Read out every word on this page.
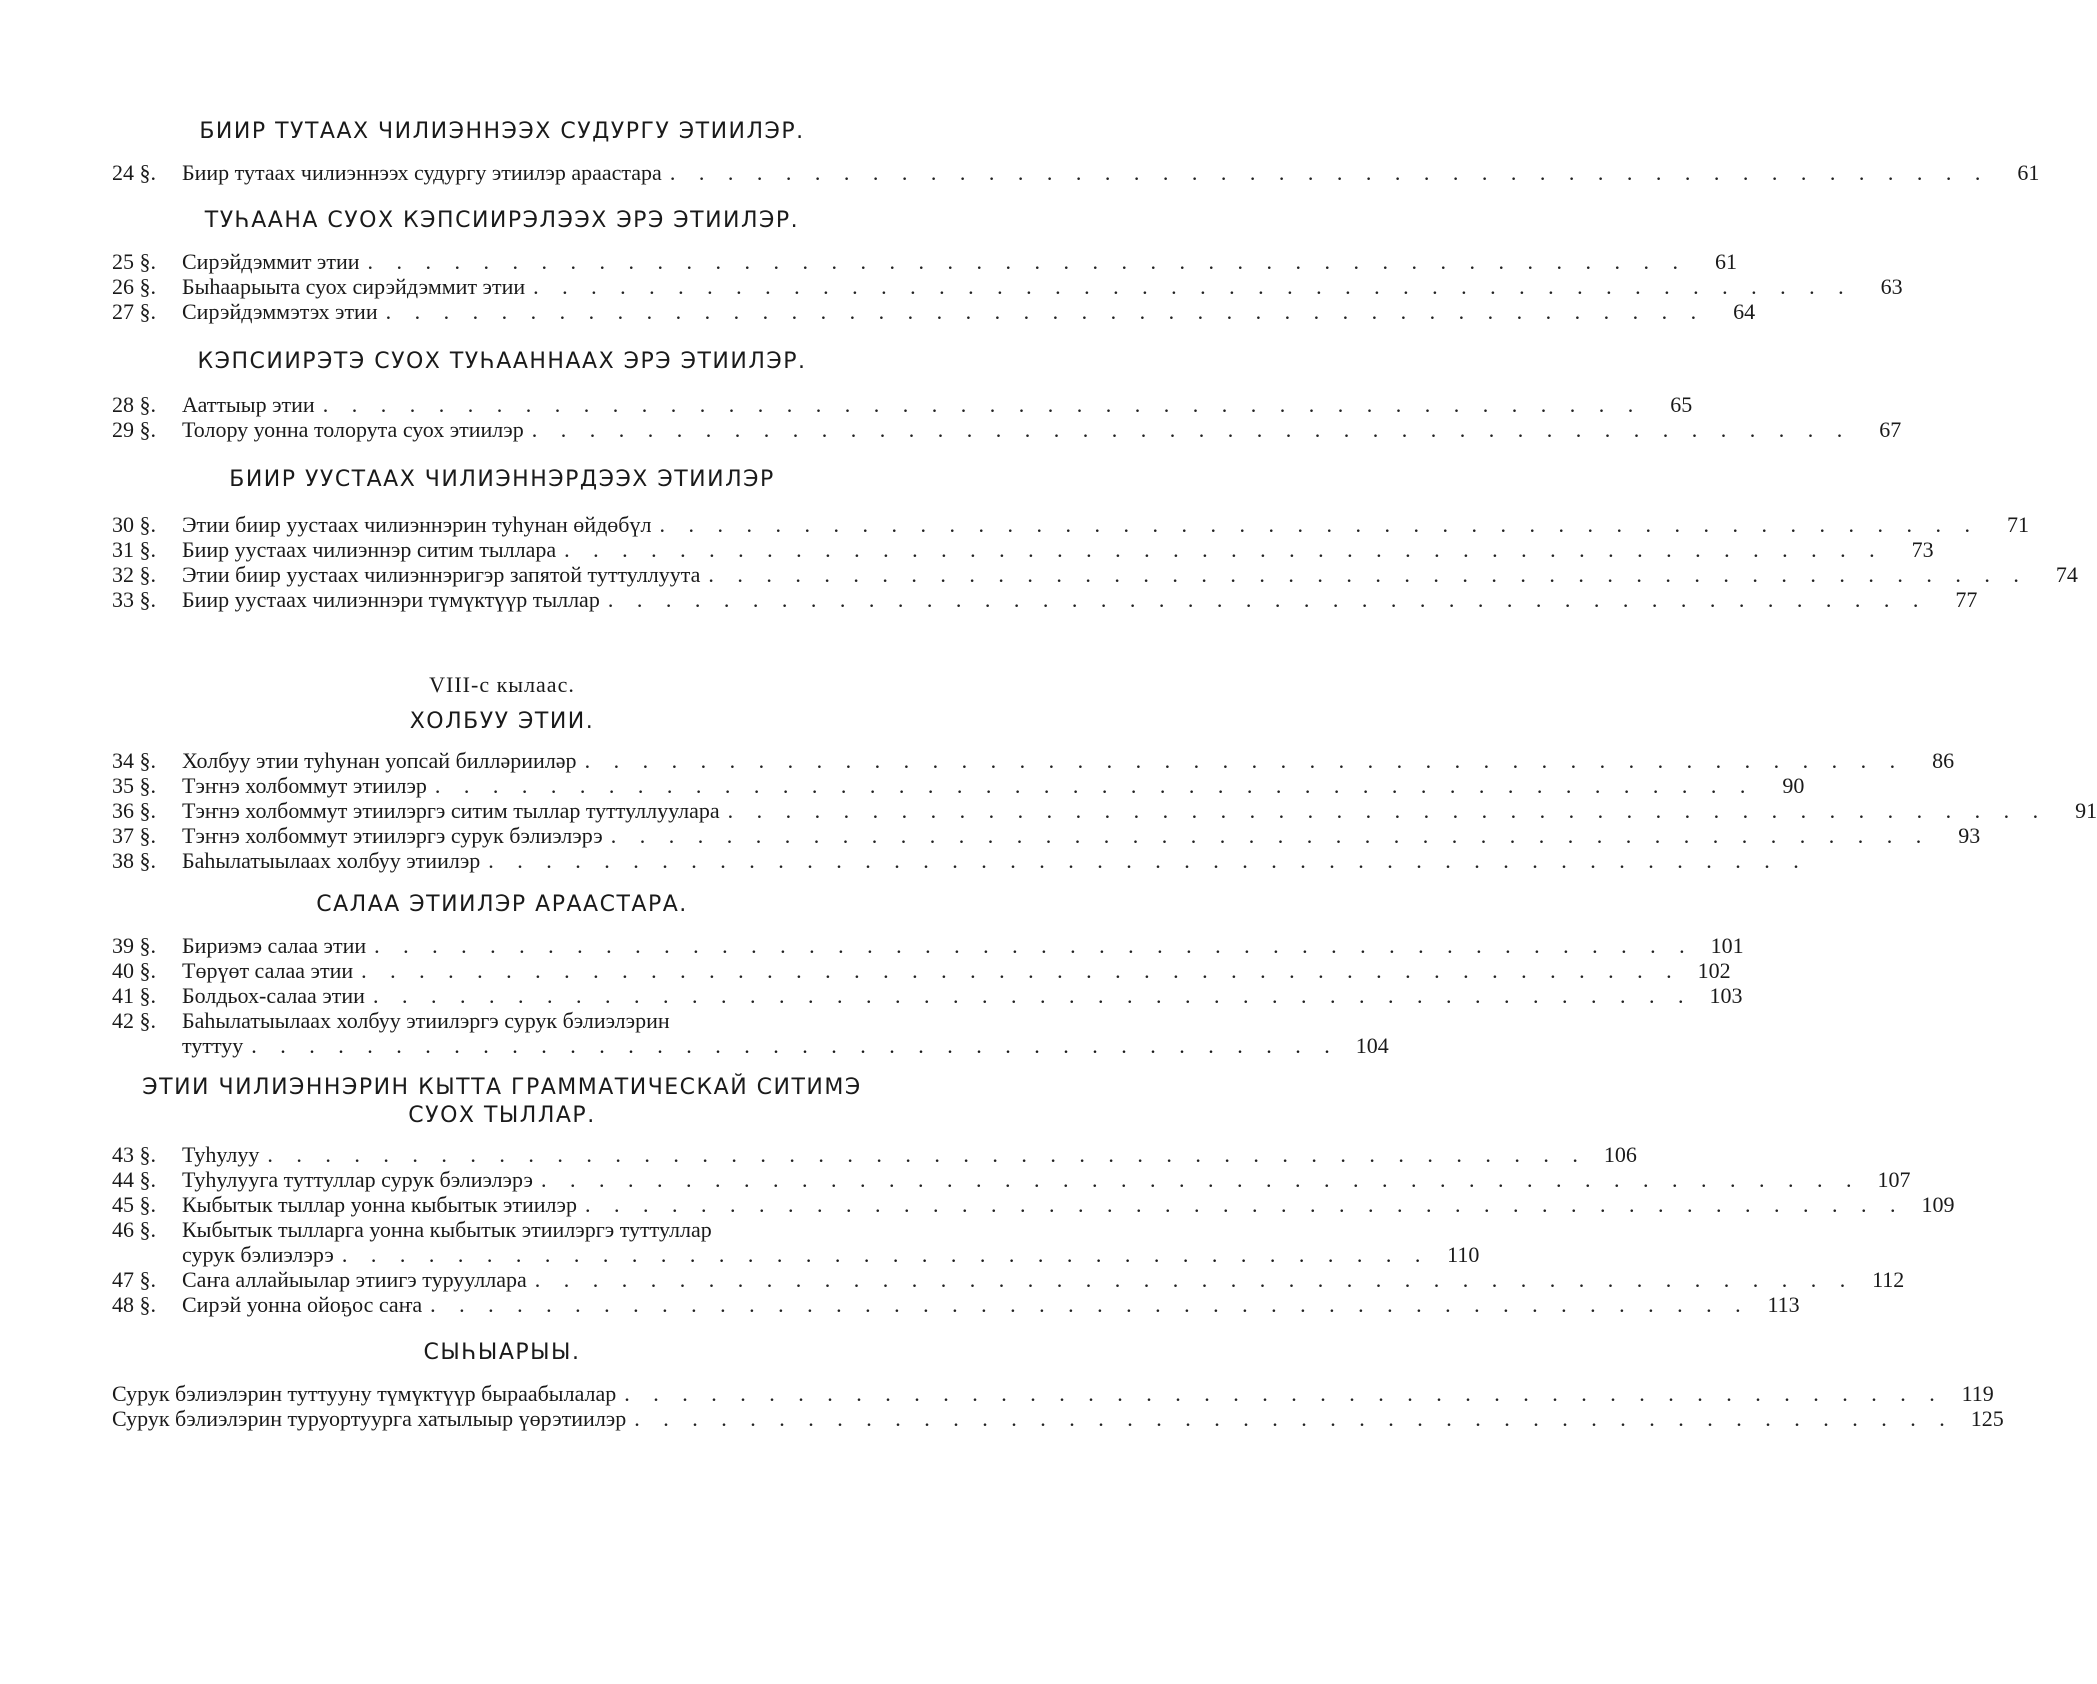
БИИР ТУТААХ ЧИЛИЭННЭЭХ СУДУРГУ ЭТИИЛЭР.
24 §.	Биир тутаах чилиэннээх судургу этиилэр араастара . . .	61
ТУҺААНА СУОХ КЭПСИИРЭЛЭЭХ ЭРЭ ЭТИИЛЭР.
25 §.	Сирэйдэммит этии . . .	61
26 §.	Быһаарыыта суох сирэйдэммит этии . . .	63
27 §.	Сирэйдэммэтэх этии . . .	64
КЭПСИИРЭТЭ СУОХ ТУҺААННААХ ЭРЭ ЭТИИЛЭР.
28 §.	Ааттыыр этии . . .	65
29 §.	Толору уонна толорута суох этиилэр . . .	67
БИИР УУСТААХ ЧИЛИЭННЭРДЭЭХ ЭТИИЛЭР
30 §.	Этии биир уустаах чилиэннэрин туһунан өйдөбүл . . .	71
31 §.	Биир уустаах чилиэннэр ситим тыллара . . .	73
32 §.	Этии биир уустаах чилиэннэригэр запятой туттуллуута . . .	74
33 §.	Биир уустаах чилиэннэри түмүктүүр тыллар . . .	77
VIII-с кылаас.
ХОЛБУУ ЭТИИ.
34 §.	Холбуу этии туһунан уопсай билләрииләр . . .	86
35 §.	Тэҥнэ холбоммут этиилэр . . .	90
36 §.	Тэҥнэ холбоммут этиилэргэ ситим тыллар туттуллуулара . . .	91
37 §.	Тэҥнэ холбоммут этиилэргэ сурук бэлиэлэрэ . . .	93
38 §.	Баһылатыылаах холбуу этиилэр
. . .
САЛАА ЭТИИЛЭР АРААСТАРА.
39 §.	Бириэмэ салаа этии . . .	101
40 §.	Төрүөт салаа этии . . .	102
41 §.	Болдьох-салаа этии . . .	103
42 §.	Баһылатыылаах холбуу этиилэргэ сурук бэлиэлэрин
туттуу . . .	104
ЭТИИ ЧИЛИЭННЭРИН КЫТТА ГРАММАТИЧЕСКАЙ СИТИМЭ СУОХ ТЫЛЛАР.
43 §.	Туһулуу . . .	106
44 §.	Туһулууга туттуллар сурук бэлиэлэрэ . . .	107
45 §.	Кыбытык тыллар уонна кыбытык этиилэр . . .	109
46 §.	Кыбытык тылларга уонна кыбытык этиилэргэ туттуллар
сурук бэлиэлэрэ . . .	110
47 §.	Саҥа аллайыылар этиигэ турууллара . . .	112
48 §.	Сирэй уонна ойоҕос саҥа . . .	113
СЫҺЫАРЫЫ.
Сурук бэлиэлэрин туттууну түмүктүүр быраабылалар . . .	119
Сурук бэлиэлэрин туруортуурга хатылыыр үөрэтиилэр . . .	125
